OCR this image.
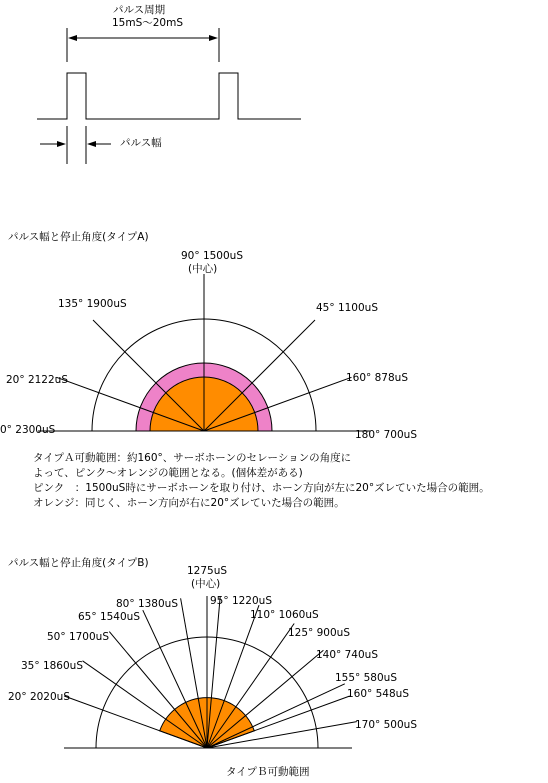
パルス周期
15mS～20mS
パルス幅
パルス幅と停止角度(タイプA)
90° 1500uS
(中心)
135° 1900uS	45° 1100uS
20° 2122uS	160° 878uS
0° 2300uS	180° 700uS
タイプＡ可動範囲：約160°、サーボホーンのセレーションの角度に
よって、ピンク～オレンジの範囲となる。(個体差がある)
ピンク　：1500uS時にサーボホーンを取り付け、ホーン方向が左に20°ズレていた場合の範囲。
オレンジ：同じく、ホーン方向が右に20°ズレていた場合の範囲。
パルス幅と停止角度(タイプB)
1275uS
(中心)
95° 1220uS
80° 1380uS
110° 1060uS
65° 1540uS
125° 900uS
50° 1700uS
140° 740uS
35° 1860uS
155° 580uS
160° 548uS
20° 2020uS
170° 500uS
タイプＢ可動範囲
